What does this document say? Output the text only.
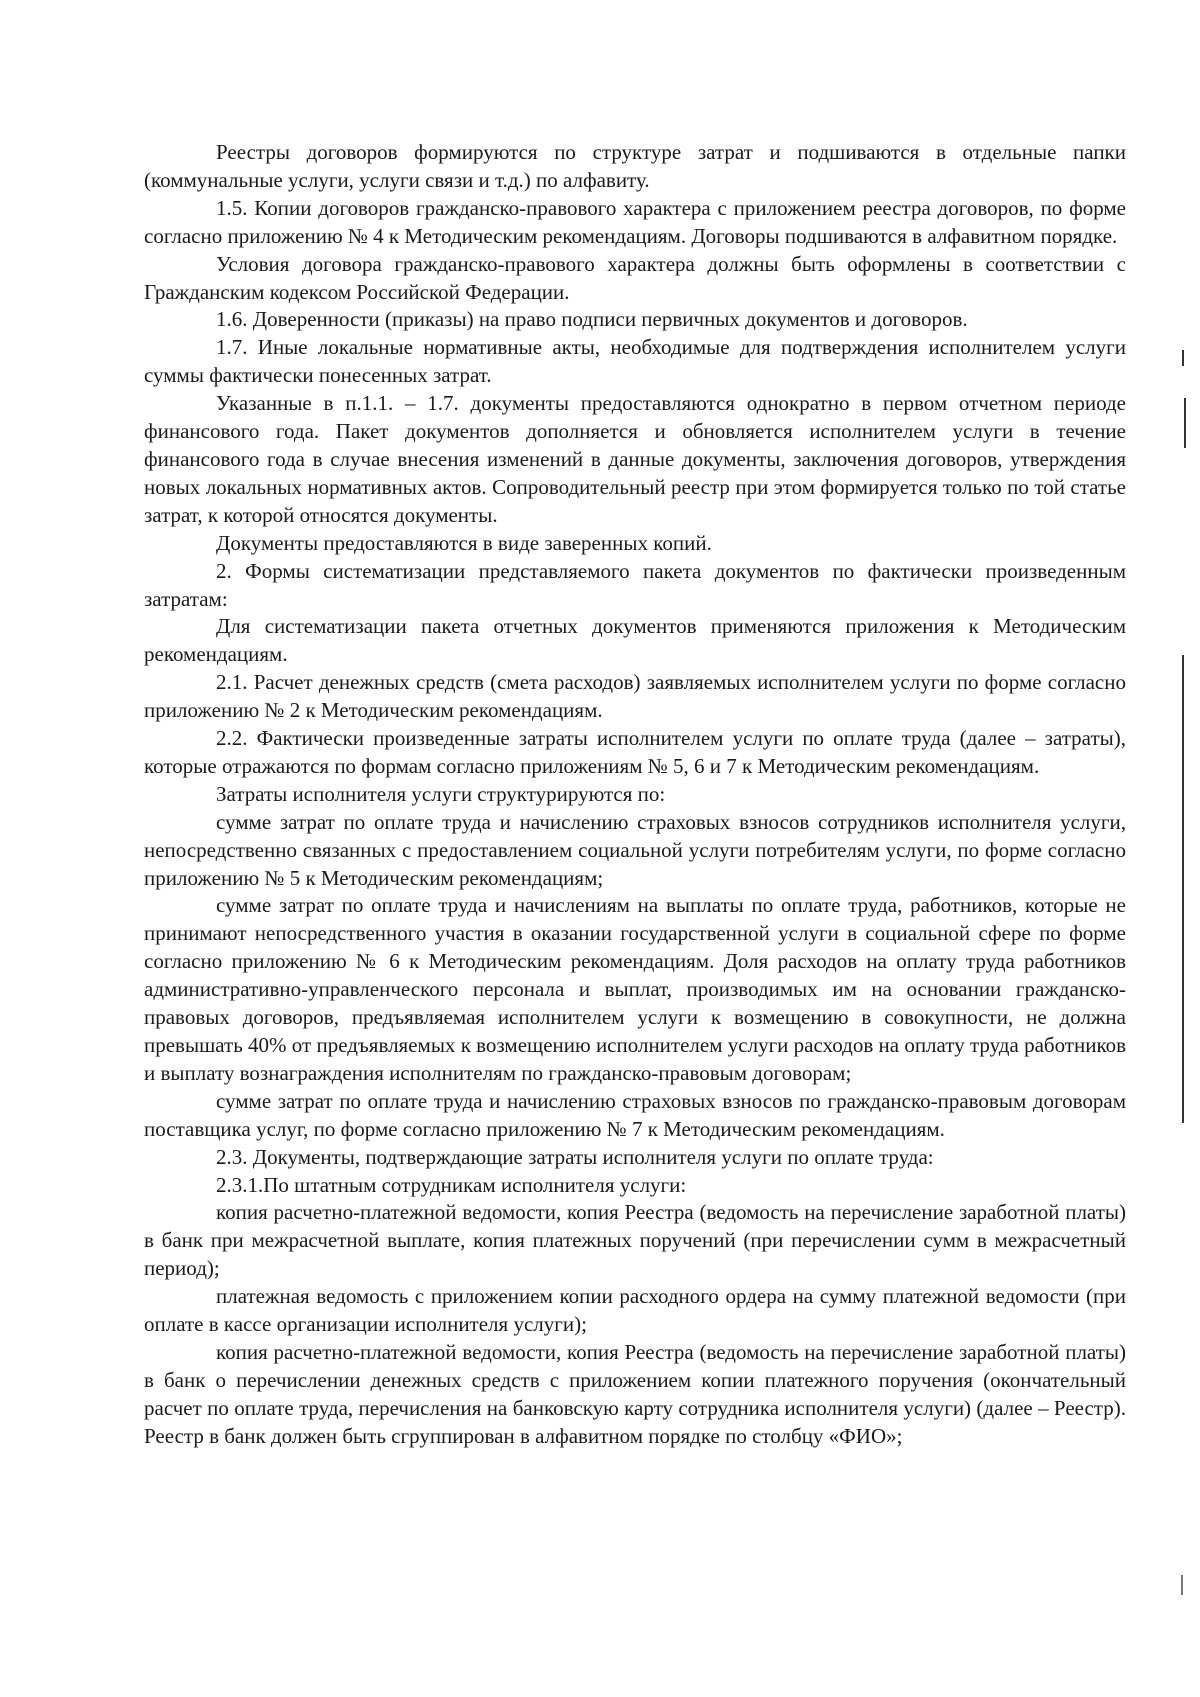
Реестры договоров формируются по структуре затрат и подшиваются в отдельные папки (коммунальные услуги, услуги связи и т.д.) по алфавиту.

1.5. Копии договоров гражданско-правового характера с приложением реестра договоров, по форме согласно приложению № 4 к Методическим рекомендациям. Договоры подшиваются в алфавитном порядке.

Условия договора гражданско-правового характера должны быть оформлены в соответствии с Гражданским кодексом Российской Федерации.

1.6. Доверенности (приказы) на право подписи первичных документов и договоров.

1.7. Иные локальные нормативные акты, необходимые для подтверждения исполнителем услуги суммы фактически понесенных затрат.

Указанные в п.1.1. – 1.7. документы предоставляются однократно в первом отчетном периоде финансового года. Пакет документов дополняется и обновляется исполнителем услуги в течение финансового года в случае внесения изменений в данные документы, заключения договоров, утверждения новых локальных нормативных актов. Сопроводительный реестр при этом формируется только по той статье затрат, к которой относятся документы.

Документы предоставляются в виде заверенных копий.

2. Формы систематизации представляемого пакета документов по фактически произведенным затратам:

Для систематизации пакета отчетных документов применяются приложения к Методическим рекомендациям.

2.1. Расчет денежных средств (смета расходов) заявляемых исполнителем услуги по форме согласно приложению № 2 к Методическим рекомендациям.

2.2. Фактически произведенные затраты исполнителем услуги по оплате труда (далее – затраты), которые отражаются по формам согласно приложениям № 5, 6 и 7 к Методическим рекомендациям.

Затраты исполнителя услуги структурируются по:

сумме затрат по оплате труда и начислению страховых взносов сотрудников исполнителя услуги, непосредственно связанных с предоставлением социальной услуги потребителям услуги, по форме согласно приложению № 5 к Методическим рекомендациям;

сумме затрат по оплате труда и начислениям на выплаты по оплате труда, работников, которые не принимают непосредственного участия в оказании государственной услуги в социальной сфере по форме согласно приложению № 6 к Методическим рекомендациям. Доля расходов на оплату труда работников административно-управленческого персонала и выплат, производимых им на основании гражданско-правовых договоров, предъявляемая исполнителем услуги к возмещению в совокупности, не должна превышать 40% от предъявляемых к возмещению исполнителем услуги расходов на оплату труда работников и выплату вознаграждения исполнителям по гражданско-правовым договорам;

сумме затрат по оплате труда и начислению страховых взносов по гражданско-правовым договорам поставщика услуг, по форме согласно приложению № 7 к Методическим рекомендациям.

2.3. Документы, подтверждающие затраты исполнителя услуги по оплате труда:

2.3.1.По штатным сотрудникам исполнителя услуги:

копия расчетно-платежной ведомости, копия Реестра (ведомость на перечисление заработной платы) в банк при межрасчетной выплате, копия платежных поручений (при перечислении сумм в межрасчетный период);

платежная ведомость с приложением копии расходного ордера на сумму платежной ведомости (при оплате в кассе организации исполнителя услуги);

копия расчетно-платежной ведомости, копия Реестра (ведомость на перечисление заработной платы) в банк о перечислении денежных средств с приложением копии платежного поручения (окончательный расчет по оплате труда, перечисления на банковскую карту сотрудника исполнителя услуги) (далее – Реестр). Реестр в банк должен быть сгруппирован в алфавитном порядке по столбцу «ФИО»;
